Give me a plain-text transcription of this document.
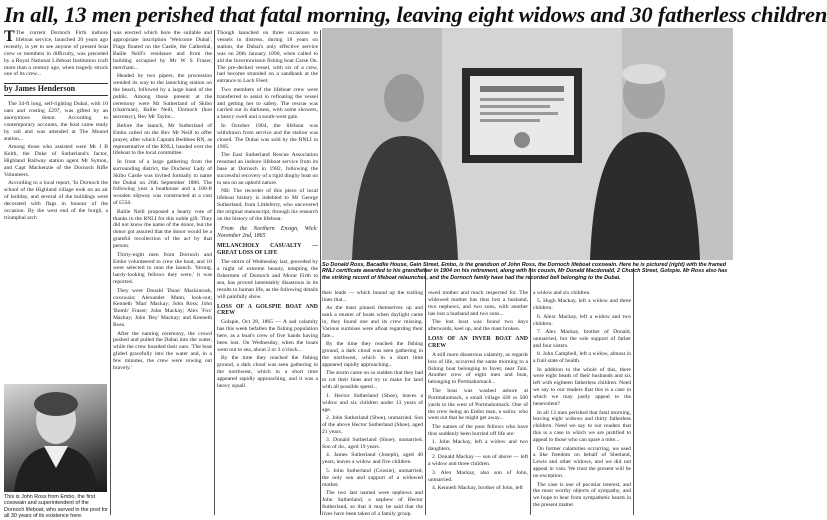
In all, 13 men perished that fatal morning, leaving eight widows and 30 fatherless children

T The current Dornoch Firth inshore lifeboat service, launched 20 years ago recently, is yet to see anyone of present boat crew or members in difficulty, was preceded by a Royal National Lifeboat Institution craft more than a century ago, when tragedy struck one of its crew...

by James Henderson

The 34-ft long, self-righting Dubai, with 10 oars and costing £297, was gifted by an anonymous donor. According to contemporary accounts, the boat came ready by rail and was attended at The Mound station...

Among those who assisted were Mr J B Keith, the Duke of Sutherland's factor, Highland Railway station agent Mr Symon, and Capt Mackenzie of the Dornoch Rifle Volunteers.

According to a local report, 'In Dornoch the school of the Highland village took on an air of holiday, and several of the buildings were decorated with flags in honour of the occasion. By the west end of the burgh, a triumphal arch

This is John Ross from Embo, the first coxswain and superintendent of the Dornoch lifeboat, who served in the post for all 30 years of its existence here.

was erected which bore the suitable and appropriate inscription 'Welcome Dubai'. Flags floated on the Castle, the Cathedral, Bailie Neill's residence and from the building occupied by Mr W S Fraser, merchant...

Headed by two pipers, the procession wended its way to the launching station on the beach, followed by a large band of the public. Among those present at the ceremony were Mr Sutherland of Skibo (chairman), Bailie Neill, Dornoch (hon secretary), Rev Mr Taylor...

Before the launch, Mr Sutherland of Embo called on the Rev Mr Neill to offer prayer, after which Captain Beddoes RN, as representative of the RNLI, handed over the lifeboat to the local committee.

In front of a large gathering from the surrounding district, the Duchess' Lady of Skibo Castle was invited formally to name the Dubai on 26th September 1886. The following year a boathouse and a 100-ft wooden slipway was constructed at a cost of £550.

Bailie Neill proposed a hearty vote of thanks to the RNLI for this noble gift. They did not know the name of the donor, but the donor got assured that the donor would be a grateful recollection of the act by that person.

Thirty-eight men from Dornoch and Embo volunteered to crew the boat, and 10 were selected to man the launch. 'Strong, hardy-looking fellows they were,' it was reported.

They were Donald 'Duan' Mackintosh, coxswain; Alexander Mann, look-out; Kenneth 'Man' Mackay; John Ross; John 'Bomb' Fraser; John Mackay; Alex 'Fox' Mackay; John 'Bey' Mackay; and Kenneth Ross.

After the naming ceremony, the crowd pushed and pulled the Dubai into the water, while the crew boarded their oars. 'The boat glided gracefully into the water and, in a few minutes, the crew were rowing out bravely.'

Though launched on three occasions to vessels in distress, during 18 years on station, the Dubai's only effective service was on 20th January 1890, when called to aid the Invermoriston fishing boat Carse On. The pre-decked vessel, with six of a crew, had become stranded on a sandbank at the entrance to Loch Fleet.

Two members of the lifeboat crew were transferred to assist in refloating the vessel and getting her to safety. The rescue was carried out in darkness, with some showers, a heavy swell and a south-west gale.

In October 1904, the lifeboat was withdrawn from service and the station was closed. The Dubai was sold by the RNLI in 1905.

The East Sutherland Rescue Association resumed an inshore lifeboat service from its base at Dornoch in 1982, following the successful recovery of a rigid dinghy boat on to sea on an uphold nature.

NB: The recorder of this piece of local lifeboat history is indebted to Mr George Sutherland, from Littleferry, who uncovered the original manuscript, through his research on the history of the lifeboat.

From the Northern Ensign, Wick: November 2nd, 1865

MELANCHOLY CASUALTY — GREAT LOSS OF LIFE

The storm of Wednesday last, preceded by a night of extreme beauty, tempting the fishermen of Dornoch and Morar Firth to sea, has proved lamentably disastrous in its results to human life, as the following details will painfully show.

LOSS OF A GOLSPIE BOAT AND CREW

Golspie, Oct 28, 1865 — A sad calamity has this week befallen the fishing population here, as a boat's crew of five hands having been lost. On Wednesday, when the boats went out to sea, about 2 or 3 o'clock...

By the time they reached the fishing ground, a dark cloud was seen gathering in the northwest, which in a short time appeared rapidly approaching, and it was a heavy squall.

So Donald Ross, Bacadlie House, Gain Street, Embo, is the grandson of John Ross, the Dornoch lifeboat coxswain. Here he is pictured (right) with the framed RNLI certificate awarded to his grandfather in 1904 on his retirement, along with his cousin, Mr Donald Macdonald, 2 Church Street, Golspie. Mr Ross also has the striking record of lifeboat relaunches, and the Dornoch family have had the recorded bell belonging to the Dubai.

their leads — which bound up the trailing lines that...

As the mast pinned themselves up and sank a muster of boats when daylight came in, they found one and its crew missing. Various surmises were afloat regarding their fate...

By the time they reached the fishing ground, a dark cloud was seen gathering in the northwest, which in a short time appeared rapidly approaching...

The storm came on so sudden that they had to cut their lines and try to make for land with all possible speed...

1. Hector Sutherland (Shoe), leaves a widow and six children under 13 years of age.

2. John Sutherland (Shoe), unmarried. Son of the above Hector Sutherland (Shoe), aged 21 years.

3. Donald Sutherland (Shoe), unmarried. Son of do., aged 19 years.

4. James Sutherland (Joseph), aged 40 years, leaves a widow and five children.

5. John Sutherland (Crossie), unmarried, the only son and support of a widowed mother.

The two last named were nephews and John Sutherland, a nephew of Hector Sutherland, so that it may be said that the lives have been taken of a family group.

owed mother and much respected for. The widowed mother has thus lost a husband, two nephews, and two sons, with another has lost a husband and two sons...

The lost boat was found two days afterwards, keel up, and the mast broken.

LOSS OF AN INVER BOAT AND CREW

A still more disastrous calamity, as regards loss of life, occurred the same morning to a fishing boat belonging to Inver, near Tain. Another crew of eight men and boat, belonging to Portmahomack...

The boat was washed ashore at Portmahomack, a small village 430 or 500 yards to the west of Portmahomack. One of the crew being an Embo man, a sailor, who went out that he might get away...

The names of the poor fellows who have thus suddenly been hurried off life are:

1. John Mackay, left a widow and two daughters.

2. Donald Mackay — son of above — left a widow and three children.

3. Alex Mackay, also son of John, unmarried.

4. Kenneth Mackay, brother of John, left

a widow and six children.

5. Hugh Mackay, left a widow and three children.

6. Alexr Mackay, left a widow and two children.

7. Alex Mackay, brother of Donald, unmarried, but the sole support of father and four sisters.

8. John Campbell, left a widow, almost in a frail state of health.

In addition to the whole of this, there were eight heads of their husbands and six left with eighteen fatherless children. Need we say to our readers that this is a case in which we may justly appeal to the benevolent?

In all 13 men perished that fatal morning, leaving eight widows and thirty fatherless children. Need we say to our readers that this is a case in which we are justified to appeal to those who can spare a mite...

On former calamities occurring, we used a like freedom on behalf of Shetland, Lewis and other widows, and we did not appeal in vain. We trust the present will be no exception.

The case is one of peculiar interest, and the most worthy objects of sympathy, and we hope to hear from sympathetic hearts in the present matter.
